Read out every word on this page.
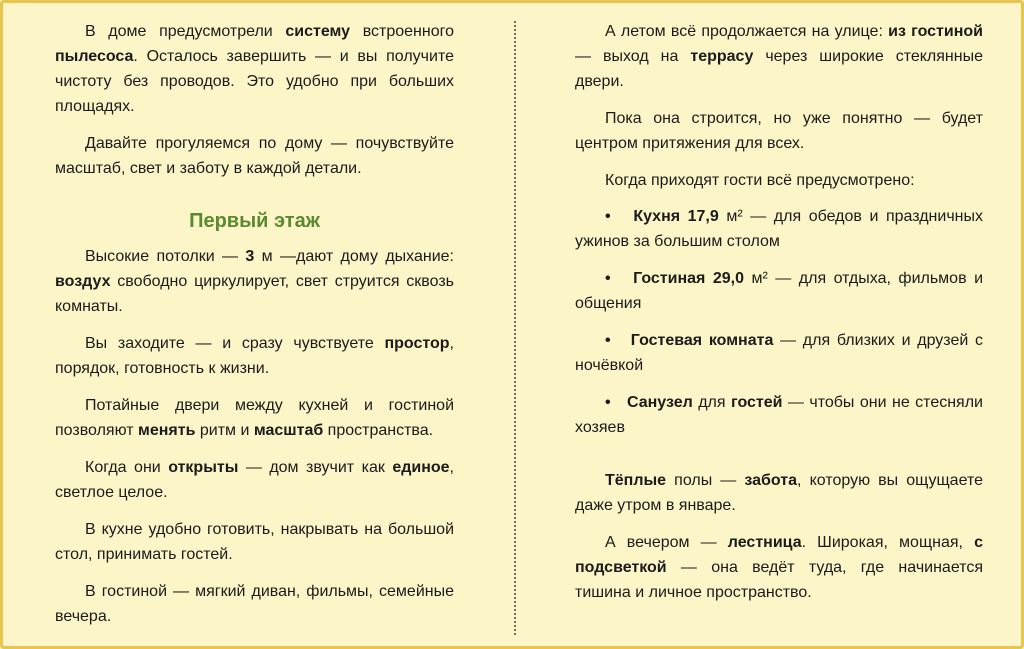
В доме предусмотрели систему встроенного пылесоса. Осталось завершить — и вы получите чистоту без проводов. Это удобно при больших площадях.

Давайте прогуляемся по дому — почувствуйте масштаб, свет и заботу в каждой детали.

Первый этаж

Высокие потолки — 3 м —дают дому дыхание: воздух свободно циркулирует, свет струится сквозь комнаты.

Вы заходите — и сразу чувствуете простор, порядок, готовность к жизни.

Потайные двери между кухней и гостиной позволяют менять ритм и масштаб пространства.

Когда они открыты — дом звучит как единое, светлое целое.

В кухне удобно готовить, накрывать на большой стол, принимать гостей.

В гостиной — мягкий диван, фильмы, семейные вечера.

А летом всё продолжается на улице: из гостиной — выход на террасу через широкие стеклянные двери.

Пока она строится, но уже понятно — будет центром притяжения для всех.

Когда приходят гости всё предусмотрено:

• Кухня 17,9 м² — для обедов и праздничных ужинов за большим столом

• Гостиная 29,0 м² — для отдыха, фильмов и общения

• Гостевая комната — для близких и друзей с ночёвкой

• Санузел для гостей — чтобы они не стесняли хозяев

Тёплые полы — забота, которую вы ощущаете даже утром в январе.

А вечером — лестница. Широкая, мощная, с подсветкой — она ведёт туда, где начинается тишина и личное пространство.
